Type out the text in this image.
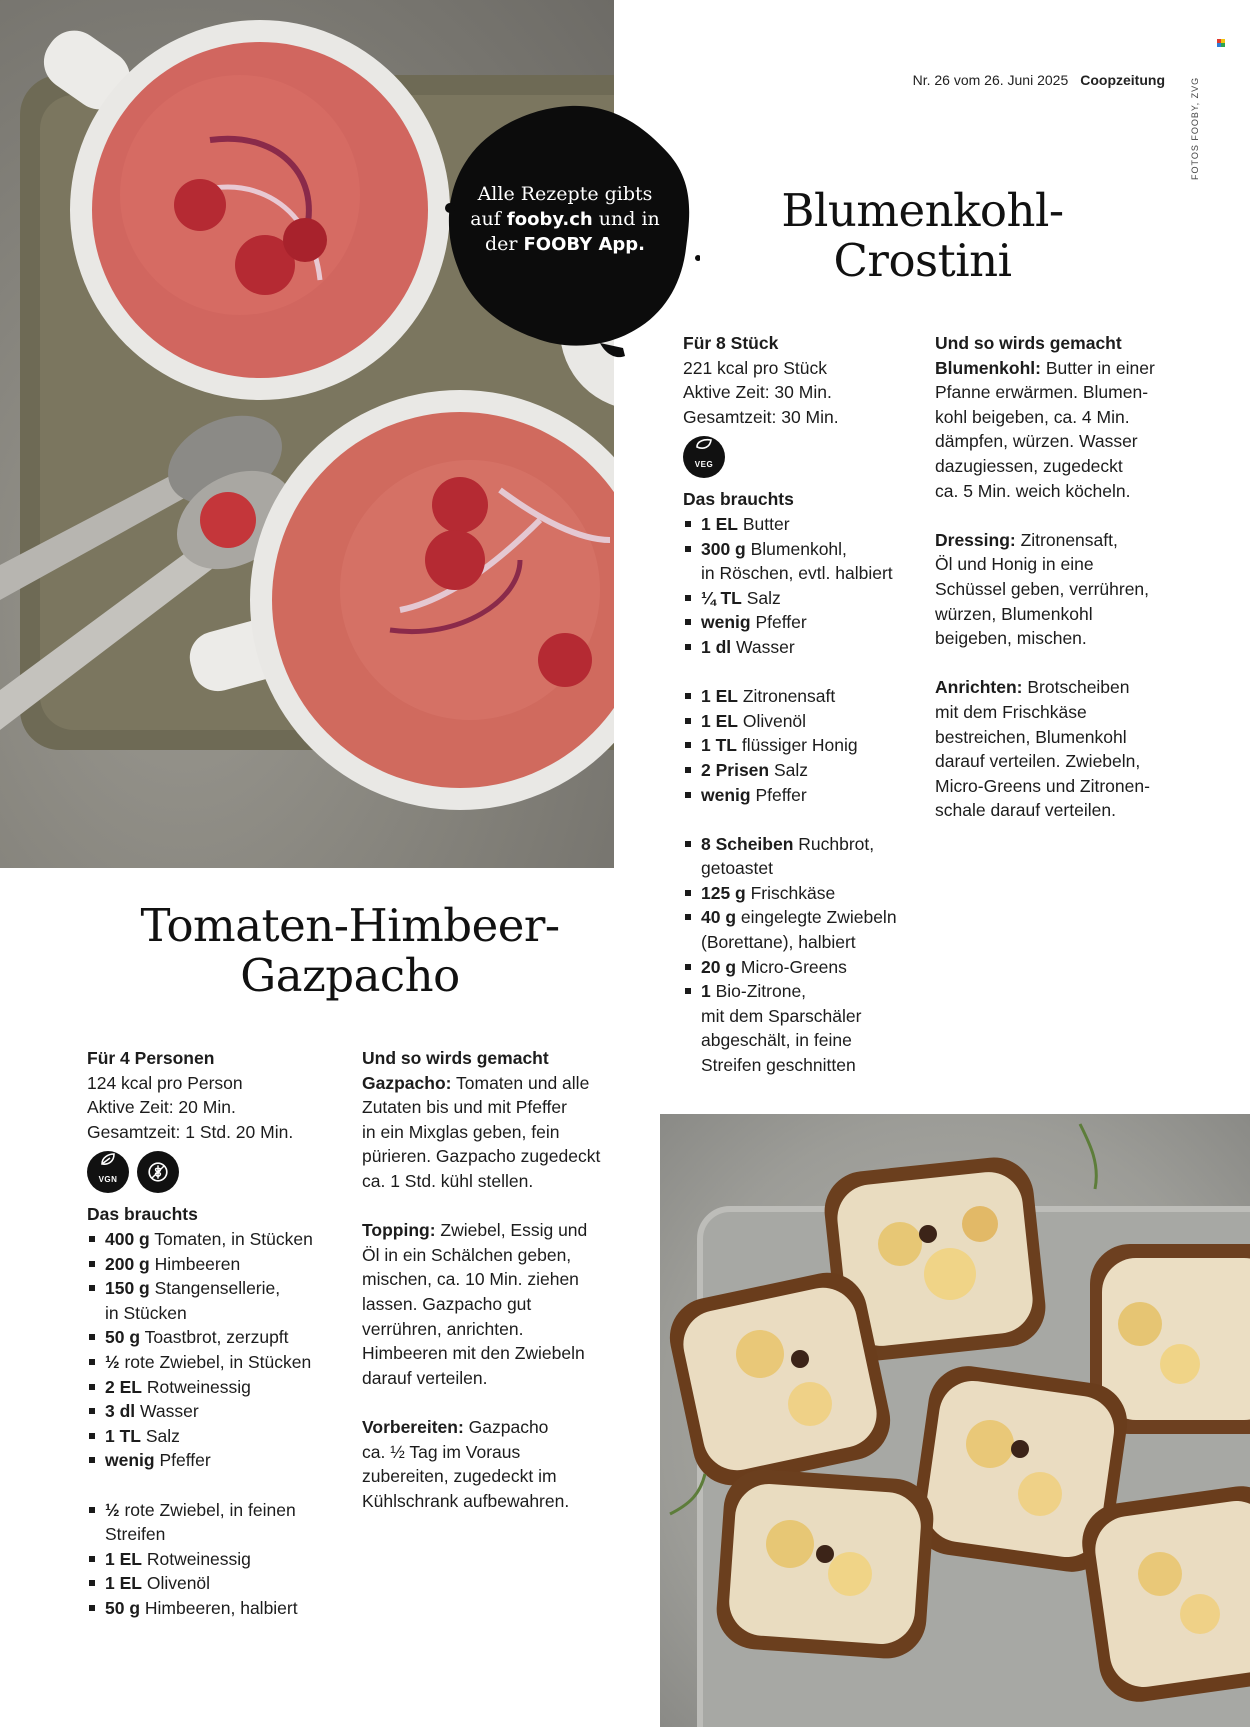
Alle Rezepte gibts
auf fooby.ch und in
der FOOBY App.
Nr. 26 vom 26. Juni 2025 Coopzeitung	FOTOS FOOBY, ZVG
Blumenkohl-
Crostini

Für 8 Stück

221 kcal pro Stück

Aktive Zeit: 30 Min.

Gesamtzeit: 30 Min.

VEG

Das brauchts

1 EL Butter
300 g Blumenkohl,
in Röschen, evtl. halbiert
¼ TL Salz
wenig Pfeffer
1 dl Wasser
1 EL Zitronensaft
1 EL Olivenöl
1 TL flüssiger Honig
2 Prisen Salz
wenig Pfeffer
8 Scheiben Ruchbrot,
getoastet
125 g Frischkäse
40 g eingelegte Zwiebeln
(Borettane), halbiert
20 g Micro-Greens
1 Bio-Zitrone,
mit dem Sparschäler
abgeschält, in feine
Streifen geschnitten

Und so wirds gemacht

Blumenkohl: Butter in einer

Pfanne erwärmen. Blumen-

kohl beigeben, ca. 4 Min.

dämpfen, würzen. Wasser

dazugiessen, zugedeckt

ca. 5 Min. weich köcheln.

Dressing: Zitronensaft,

Öl und Honig in eine

Schüssel geben, verrühren,

würzen, Blumenkohl

beigeben, mischen.

Anrichten: Brotscheiben

mit dem Frischkäse

bestreichen, Blumenkohl

darauf verteilen. Zwiebeln,

Micro-Greens und Zitronen-

schale darauf verteilen.

Tomaten-Himbeer-
Gazpacho

Für 4 Personen

124 kcal pro Person

Aktive Zeit: 20 Min.

Gesamtzeit: 1 Std. 20 Min.

VGN

Das brauchts

400 g Tomaten, in Stücken
200 g Himbeeren
150 g Stangensellerie,
in Stücken
50 g Toastbrot, zerzupft
½ rote Zwiebel, in Stücken
2 EL Rotweinessig
3 dl Wasser
1 TL Salz
wenig Pfeffer
½ rote Zwiebel, in feinen
Streifen
1 EL Rotweinessig
1 EL Olivenöl
50 g Himbeeren, halbiert

Und so wirds gemacht

Gazpacho: Tomaten und alle

Zutaten bis und mit Pfeffer

in ein Mixglas geben, fein

pürieren. Gazpacho zugedeckt

ca. 1 Std. kühl stellen.

Topping: Zwiebel, Essig und

Öl in ein Schälchen geben,

mischen, ca. 10 Min. ziehen

lassen. Gazpacho gut

verrühren, anrichten.

Himbeeren mit den Zwiebeln

darauf verteilen.

Vorbereiten: Gazpacho

ca. ½ Tag im Voraus

zubereiten, zugedeckt im

Kühlschrank aufbewahren.
